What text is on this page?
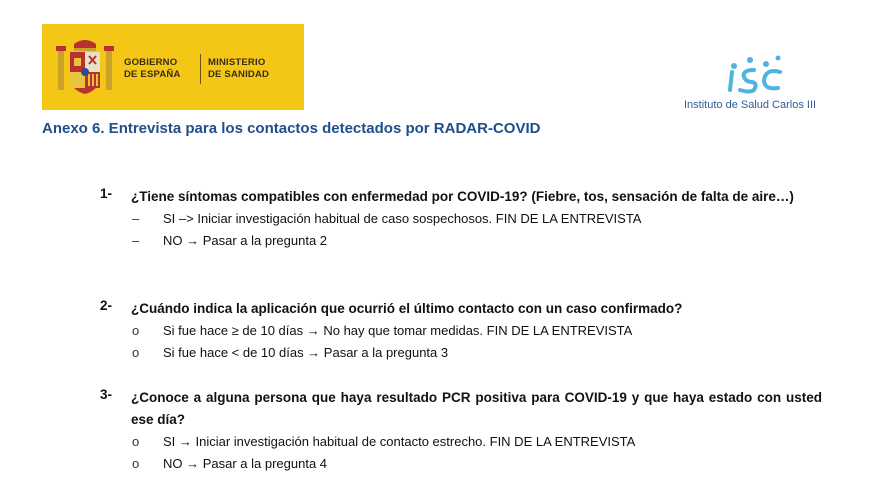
GOBIERNO
DE ESPAÑA
MINISTERIO
DE SANIDAD
Instituto de Salud Carlos III
Anexo 6. Entrevista para los contactos detectados por RADAR-COVID
1- ¿Tiene síntomas compatibles con enfermedad por COVID-19? (Fiebre, tos, sensación de falta de aire…)
– SI –> Iniciar investigación habitual de caso sospechosos. FIN DE LA ENTREVISTA
– NO → Pasar a la pregunta 2
2- ¿Cuándo indica la aplicación que ocurrió el último contacto con un caso confirmado?
o Si fue hace ≥ de 10 días → No hay que tomar medidas. FIN DE LA ENTREVISTA
o Si fue hace < de 10 días → Pasar a la pregunta 3
3- ¿Conoce a alguna persona que haya resultado PCR positiva para COVID-19 y que haya estado con usted ese día?
o SI → Iniciar investigación habitual de contacto estrecho. FIN DE LA ENTREVISTA
o NO → Pasar a la pregunta 4
